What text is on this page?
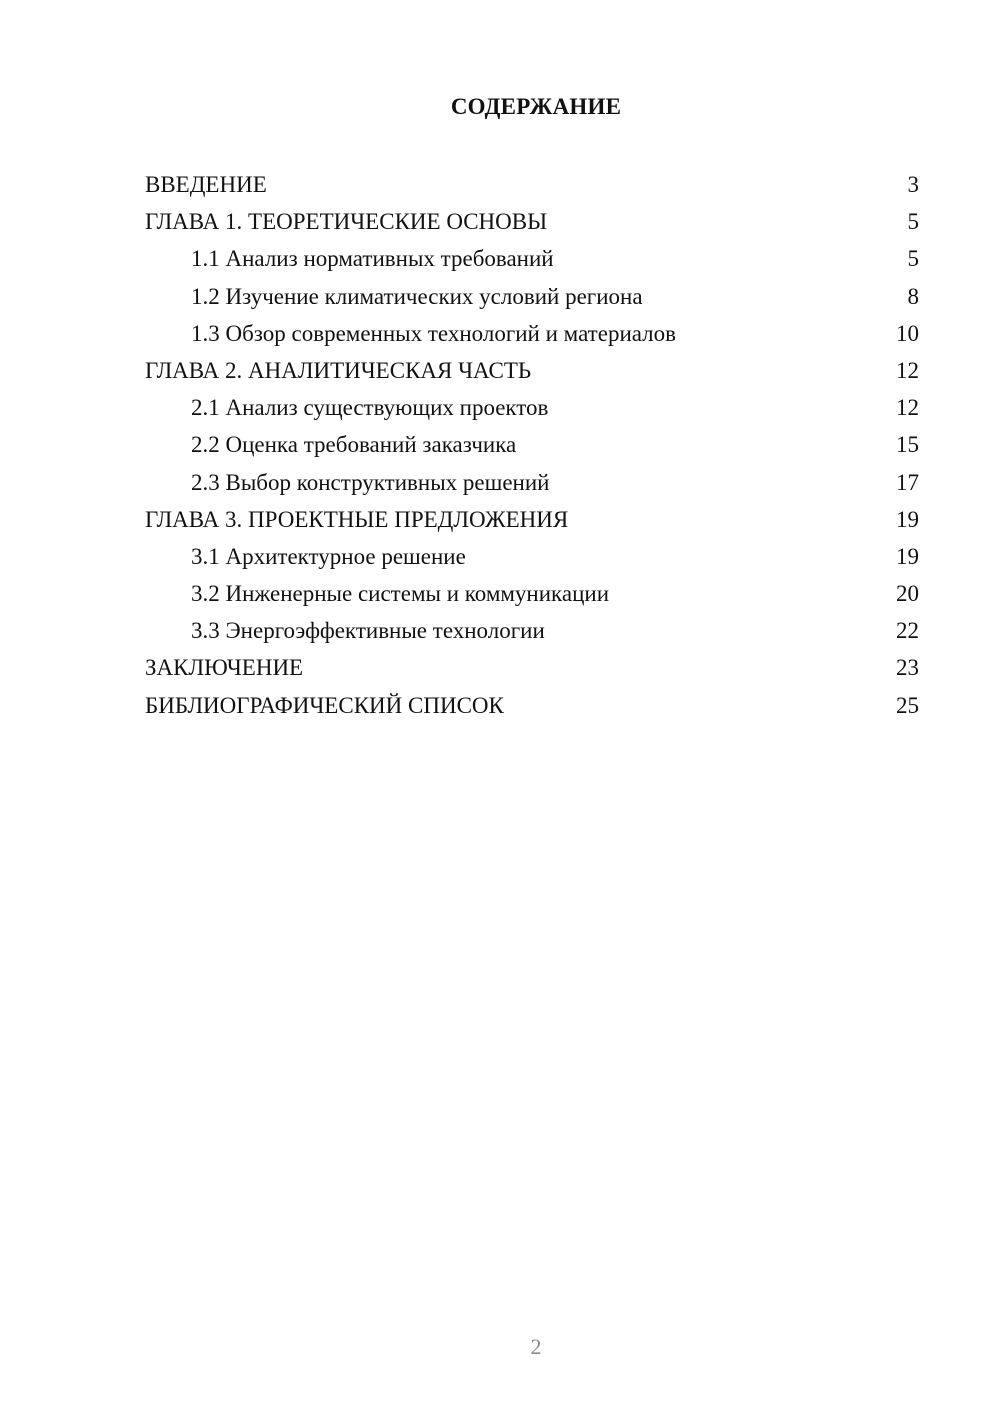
СОДЕРЖАНИЕ
ВВЕДЕНИЕ	3
ГЛАВА 1. ТЕОРЕТИЧЕСКИЕ ОСНОВЫ	5
1.1 Анализ нормативных требований	5
1.2 Изучение климатических условий региона	8
1.3 Обзор современных технологий и материалов	10
ГЛАВА 2. АНАЛИТИЧЕСКАЯ ЧАСТЬ	12
2.1 Анализ существующих проектов	12
2.2 Оценка требований заказчика	15
2.3 Выбор конструктивных решений	17
ГЛАВА 3. ПРОЕКТНЫЕ ПРЕДЛОЖЕНИЯ	19
3.1 Архитектурное решение	19
3.2 Инженерные системы и коммуникации	20
3.3 Энергоэффективные технологии	22
ЗАКЛЮЧЕНИЕ	23
БИБЛИОГРАФИЧЕСКИЙ СПИСОК	25
2
